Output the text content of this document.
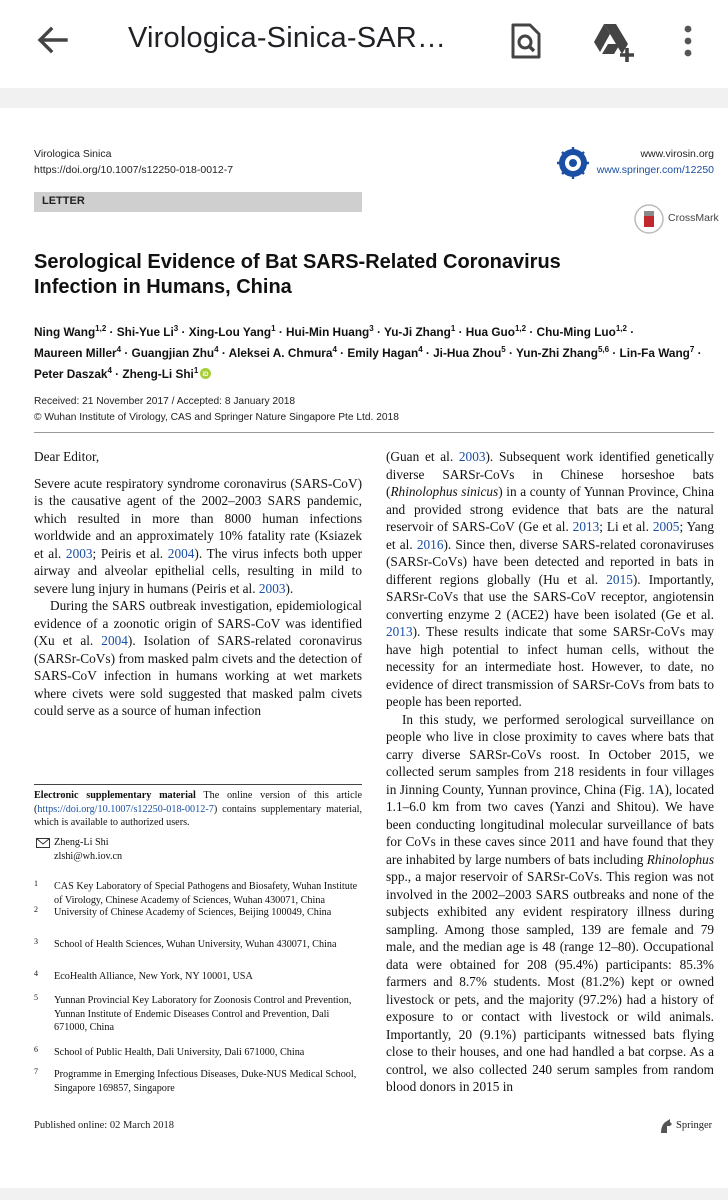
Virologica-Sinica-SAR…
Virologica Sinica
https://doi.org/10.1007/s12250-018-0012-7
www.virosin.org
www.springer.com/12250
LETTER
CrossMark
Serological Evidence of Bat SARS-Related Coronavirus Infection in Humans, China
Ning Wang$^{1,2}$ · Shi-Yue $Li^3$ · Xing-Lou Yang$^1$ · Hui-Min Huang$^3$ · Yu-Ji Zhang$^1$ · Hua Guo$^{1,2}$ · Chu-Ming Luo$^{1,2}$ · Maureen Miller$^4$ · Guangjian Zhu$^4$ · Aleksei A. Chmura$^4$ · Emily Hagan$^4$ · Ji-Hua Zhou$^5$ · Yun-Zhi Zhang$^{5,6}$ · Lin-Fa Wang$^7$ · Peter Daszak$^4$ · Zheng-Li Shi$^1$ iD
Received: 21 November 2017 / Accepted: 8 January 2018
© Wuhan Institute of Virology, CAS and Springer Nature Singapore Pte Ltd. 2018

Dear Editor,

Severe acute respiratory syndrome coronavirus (SARS-CoV) is the causative agent of the 2002–2003 SARS pandemic, which resulted in more than 8000 human infections worldwide and an approximately 10% fatality rate (Ksiazek et al. 2003; Peiris et al. 2004). The virus infects both upper airway and alveolar epithelial cells, resulting in mild to severe lung injury in humans (Peiris et al. 2003).

During the SARS outbreak investigation, epidemiological evidence of a zoonotic origin of SARS-CoV was identified (Xu et al. 2004). Isolation of SARS-related coronavirus (SARSr-CoVs) from masked palm civets and the detection of SARS-CoV infection in humans working at wet markets where civets were sold suggested that masked palm civets could serve as a source of human infection

(Guan et al. 2003). Subsequent work identified genetically diverse SARSr-CoVs in Chinese horseshoe bats (Rhinolophus sinicus) in a county of Yunnan Province, China and provided strong evidence that bats are the natural reservoir of SARS-CoV (Ge et al. 2013; Li et al. 2005; Yang et al. 2016). Since then, diverse SARS-related coronaviruses (SARSr-CoVs) have been detected and reported in bats in different regions globally (Hu et al. 2015). Importantly, SARSr-CoVs that use the SARS-CoV receptor, angiotensin converting enzyme 2 (ACE2) have been isolated (Ge et al. 2013). These results indicate that some SARSr-CoVs may have high potential to infect human cells, without the necessity for an intermediate host. However, to date, no evidence of direct transmission of SARSr-CoVs from bats to people has been reported.

In this study, we performed serological surveillance on people who live in close proximity to caves where bats that carry diverse SARSr-CoVs roost. In October 2015, we collected serum samples from 218 residents in four villages in Jinning County, Yunnan province, China (Fig. 1A), located 1.1–6.0 km from two caves (Yanzi and Shitou). We have been conducting longitudinal molecular surveillance of bats for CoVs in these caves since 2011 and have found that they are inhabited by large numbers of bats including Rhinolophus spp., a major reservoir of SARSr-CoVs. This region was not involved in the 2002–2003 SARS outbreaks and none of the subjects exhibited any evident respiratory illness during sampling. Among those sampled, 139 are female and 79 male, and the median age is 48 (range 12–80). Occupational data were obtained for 208 (95.4%) participants: 85.3% farmers and 8.7% students. Most (81.2%) kept or owned livestock or pets, and the majority (97.2%) had a history of exposure to or contact with livestock or wild animals. Importantly, 20 (9.1%) participants witnessed bats flying close to their houses, and one had handled a bat corpse. As a control, we also collected 240 serum samples from random blood donors in 2015 in

Electronic supplementary material The online version of this article (https://doi.org/10.1007/s12250-018-0012-7) contains supplementary material, which is available to authorized users.
Zheng-Li Shi
zlshi@wh.iov.cn
1	CAS Key Laboratory of Special Pathogens and Biosafety, Wuhan Institute of Virology, Chinese Academy of Sciences, Wuhan 430071, China
2	University of Chinese Academy of Sciences, Beijing 100049, China
3	School of Health Sciences, Wuhan University, Wuhan 430071, China
4	EcoHealth Alliance, New York, NY 10001, USA
5	Yunnan Provincial Key Laboratory for Zoonosis Control and Prevention, Yunnan Institute of Endemic Diseases Control and Prevention, Dali 671000, China
6	School of Public Health, Dali University, Dali 671000, China
7	Programme in Emerging Infectious Diseases, Duke-NUS Medical School, Singapore 169857, Singapore
Published online: 02 March 2018	Springer
